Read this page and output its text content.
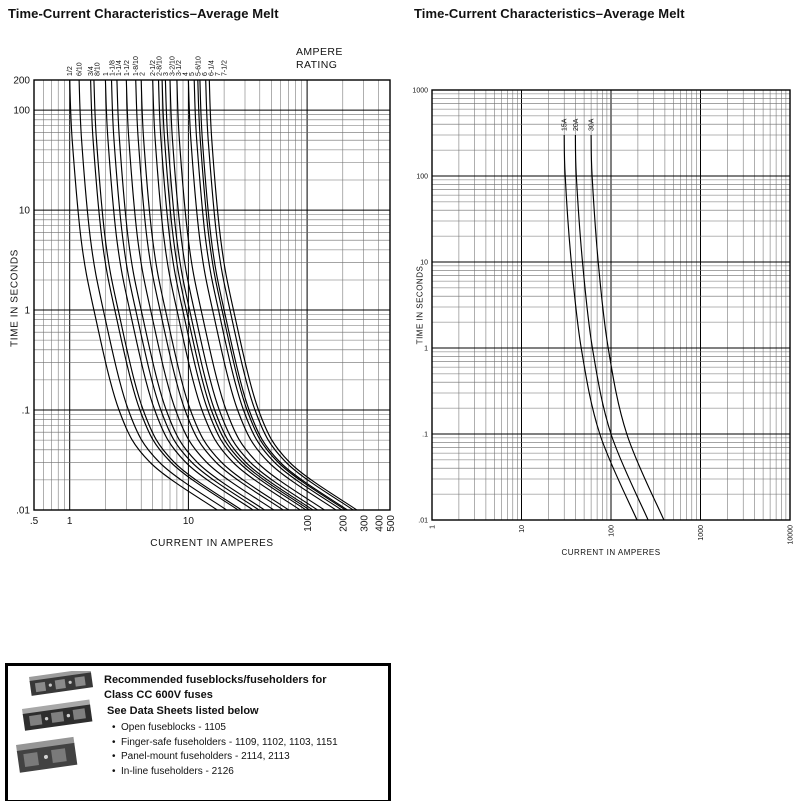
Time-Current Characteristics–Average Melt	Time-Current Characteristics–Average Melt
AMPERE
RATING
.5	1	10	100 200 300 400 500
200
100
10
1
.1
.01
1/2 6/10 3/4 8/10 1 1-1/8 1-1/4 1-1/2 1-8/10 2 2-1/2 2-8/10 3 3-2/10 3-1/2 4 5 5-6/10 6 6-1/4 7 7-1/2
1	10	100	1000	10000
1000
100
10
1
.1
.01
15A 20A 30A
TIME IN SECONDS
CURRENT IN AMPERES
TIME IN SECONDS
CURRENT IN AMPERES
Recommended fuseblocks/fuseholders for
Class CC 600V fuses
See Data Sheets listed below
• Open fuseblocks - 1105
• Finger-safe fuseholders - 1109, 1102, 1103, 1151
• Panel-mount fuseholders - 2114, 2113
• In-line fuseholders - 2126
